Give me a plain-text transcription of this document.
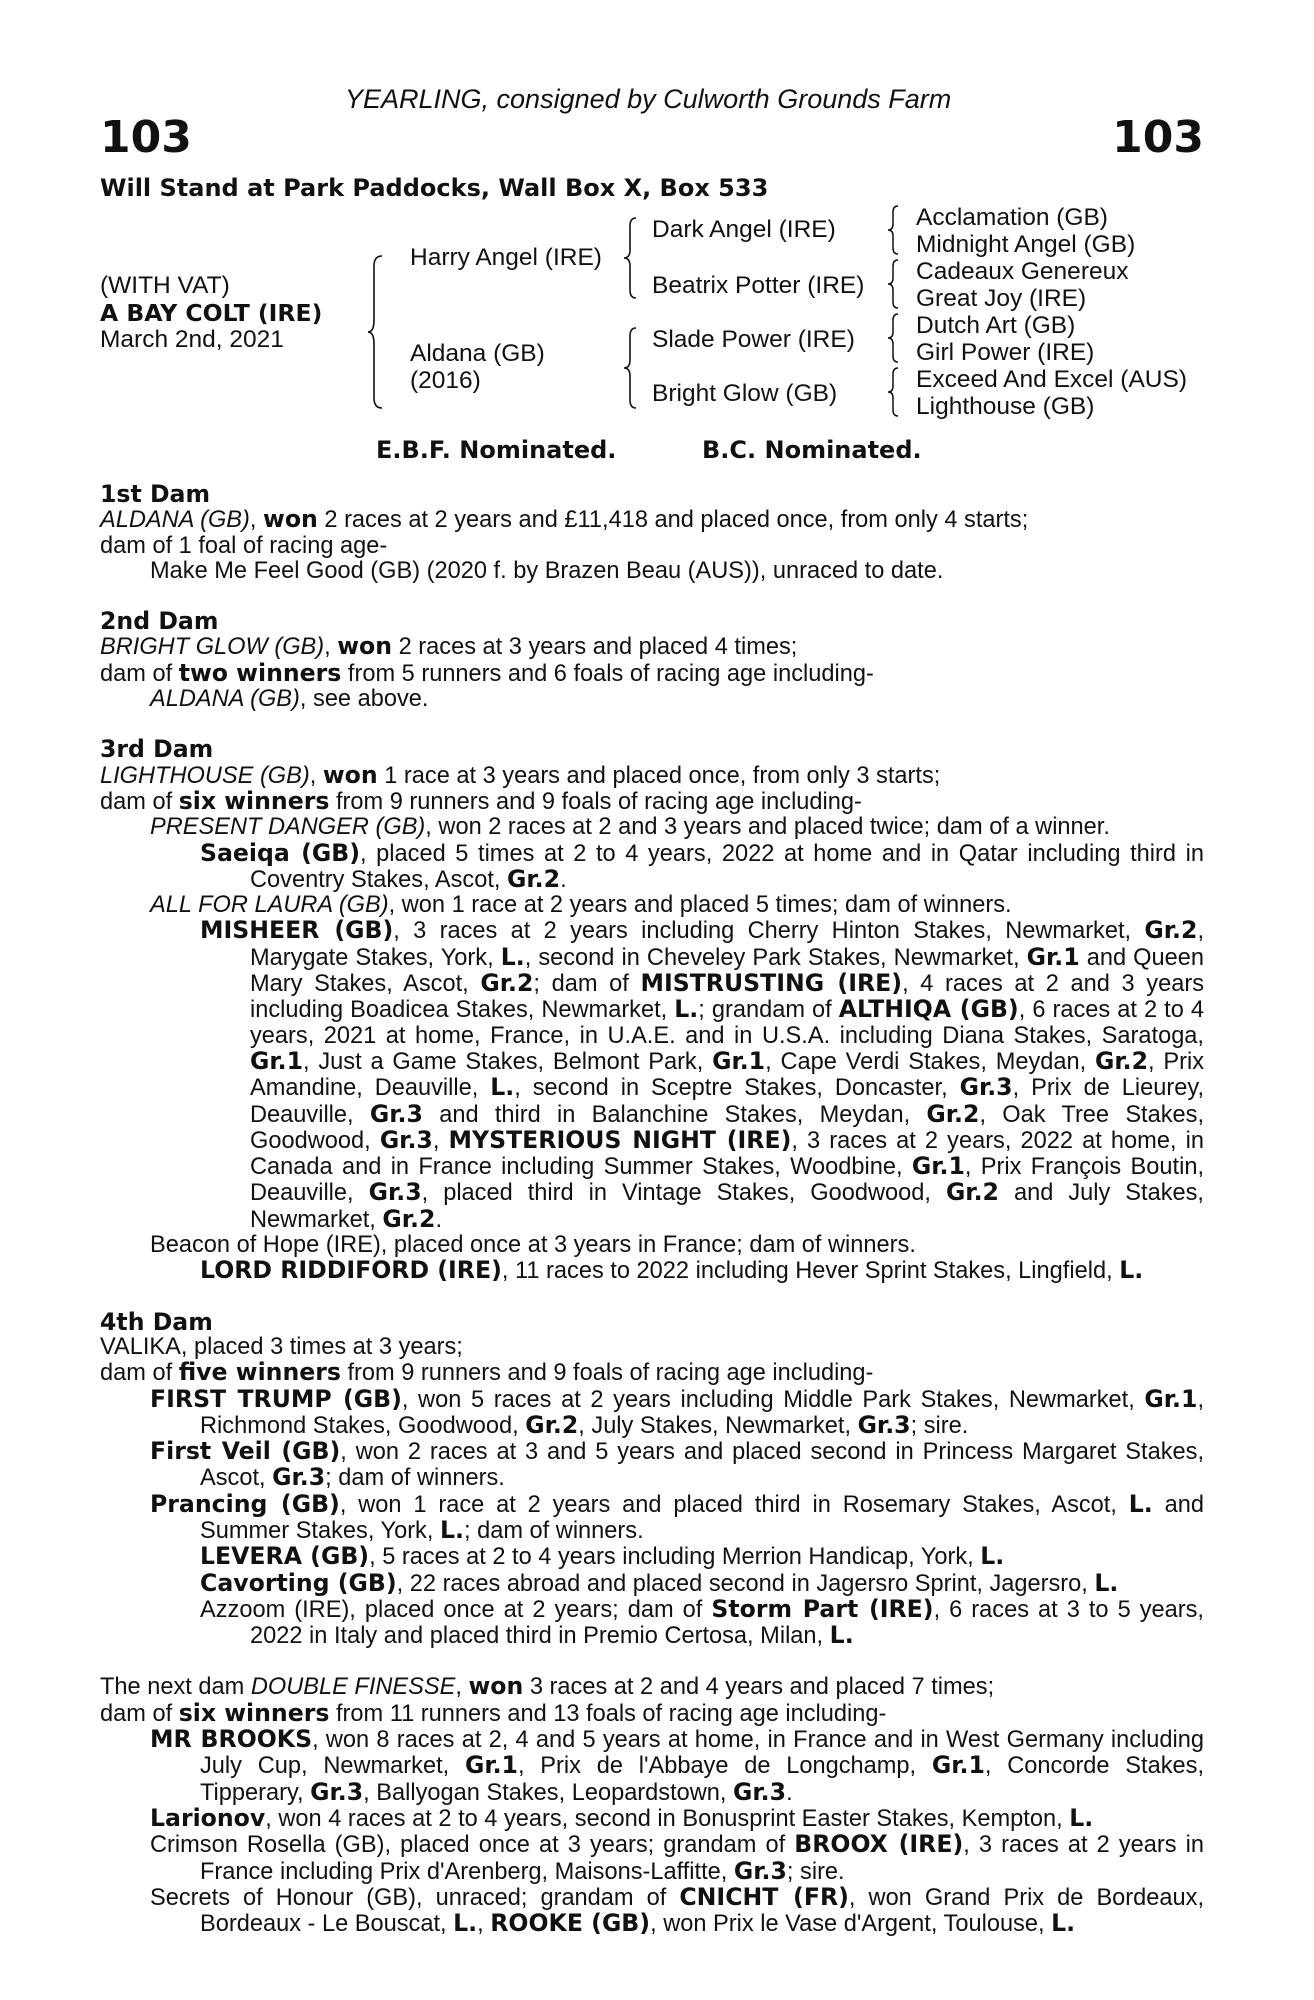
YEARLING, consigned by Culworth Grounds Farm
103	103
Will Stand at Park Paddocks, Wall Box X, Box 533
(WITH VAT)
A BAY COLT (IRE)
March 2nd, 2021
Harry Angel (IRE)
Aldana (GB)
(2016)
Dark Angel (IRE)
Beatrix Potter (IRE)
Slade Power (IRE)
Bright Glow (GB)
Acclamation (GB)
Midnight Angel (GB)
Cadeaux Genereux
Great Joy (IRE)
Dutch Art (GB)
Girl Power (IRE)
Exceed And Excel (AUS)
Lighthouse (GB)
E.B.F. Nominated.	B.C. Nominated.

1st Dam

ALDANA (GB), won 2 races at 2 years and £11,418 and placed once, from only 4 starts;

dam of 1 foal of racing age-

Make Me Feel Good (GB) (2020 f. by Brazen Beau (AUS)), unraced to date.

2nd Dam

BRIGHT GLOW (GB), won 2 races at 3 years and placed 4 times;

dam of two winners from 5 runners and 6 foals of racing age including-

ALDANA (GB), see above.

3rd Dam

LIGHTHOUSE (GB), won 1 race at 3 years and placed once, from only 3 starts;

dam of six winners from 9 runners and 9 foals of racing age including-

PRESENT DANGER (GB), won 2 races at 2 and 3 years and placed twice; dam of a winner.

Saeiqa (GB), placed 5 times at 2 to 4 years, 2022 at home and in Qatar including third in Coventry Stakes, Ascot, Gr.2.

ALL FOR LAURA (GB), won 1 race at 2 years and placed 5 times; dam of winners.

MISHEER (GB), 3 races at 2 years including Cherry Hinton Stakes, Newmarket, Gr.2, Marygate Stakes, York, L., second in Cheveley Park Stakes, Newmarket, Gr.1 and Queen Mary Stakes, Ascot, Gr.2; dam of MISTRUSTING (IRE), 4 races at 2 and 3 years including Boadicea Stakes, Newmarket, L.; grandam of ALTHIQA (GB), 6 races at 2 to 4 years, 2021 at home, France, in U.A.E. and in U.S.A. including Diana Stakes, Saratoga, Gr.1, Just a Game Stakes, Belmont Park, Gr.1, Cape Verdi Stakes, Meydan, Gr.2, Prix Amandine, Deauville, L., second in Sceptre Stakes, Doncaster, Gr.3, Prix de Lieurey, Deauville, Gr.3 and third in Balanchine Stakes, Meydan, Gr.2, Oak Tree Stakes, Goodwood, Gr.3, MYSTERIOUS NIGHT (IRE), 3 races at 2 years, 2022 at home, in Canada and in France including Summer Stakes, Woodbine, Gr.1, Prix François Boutin, Deauville, Gr.3, placed third in Vintage Stakes, Goodwood, Gr.2 and July Stakes, Newmarket, Gr.2.

Beacon of Hope (IRE), placed once at 3 years in France; dam of winners.

LORD RIDDIFORD (IRE), 11 races to 2022 including Hever Sprint Stakes, Lingfield, L.

4th Dam

VALIKA, placed 3 times at 3 years;

dam of five winners from 9 runners and 9 foals of racing age including-

FIRST TRUMP (GB), won 5 races at 2 years including Middle Park Stakes, Newmarket, Gr.1, Richmond Stakes, Goodwood, Gr.2, July Stakes, Newmarket, Gr.3; sire.

First Veil (GB), won 2 races at 3 and 5 years and placed second in Princess Margaret Stakes, Ascot, Gr.3; dam of winners.

Prancing (GB), won 1 race at 2 years and placed third in Rosemary Stakes, Ascot, L. and Summer Stakes, York, L.; dam of winners.

LEVERA (GB), 5 races at 2 to 4 years including Merrion Handicap, York, L.

Cavorting (GB), 22 races abroad and placed second in Jagersro Sprint, Jagersro, L.

Azzoom (IRE), placed once at 2 years; dam of Storm Part (IRE), 6 races at 3 to 5 years, 2022 in Italy and placed third in Premio Certosa, Milan, L.

The next dam DOUBLE FINESSE, won 3 races at 2 and 4 years and placed 7 times;

dam of six winners from 11 runners and 13 foals of racing age including-

MR BROOKS, won 8 races at 2, 4 and 5 years at home, in France and in West Germany including July Cup, Newmarket, Gr.1, Prix de l'Abbaye de Longchamp, Gr.1, Concorde Stakes, Tipperary, Gr.3, Ballyogan Stakes, Leopardstown, Gr.3.

Larionov, won 4 races at 2 to 4 years, second in Bonusprint Easter Stakes, Kempton, L.

Crimson Rosella (GB), placed once at 3 years; grandam of BROOX (IRE), 3 races at 2 years in France including Prix d'Arenberg, Maisons-Laffitte, Gr.3; sire.

Secrets of Honour (GB), unraced; grandam of CNICHT (FR), won Grand Prix de Bordeaux, Bordeaux - Le Bouscat, L., ROOKE (GB), won Prix le Vase d'Argent, Toulouse, L.
